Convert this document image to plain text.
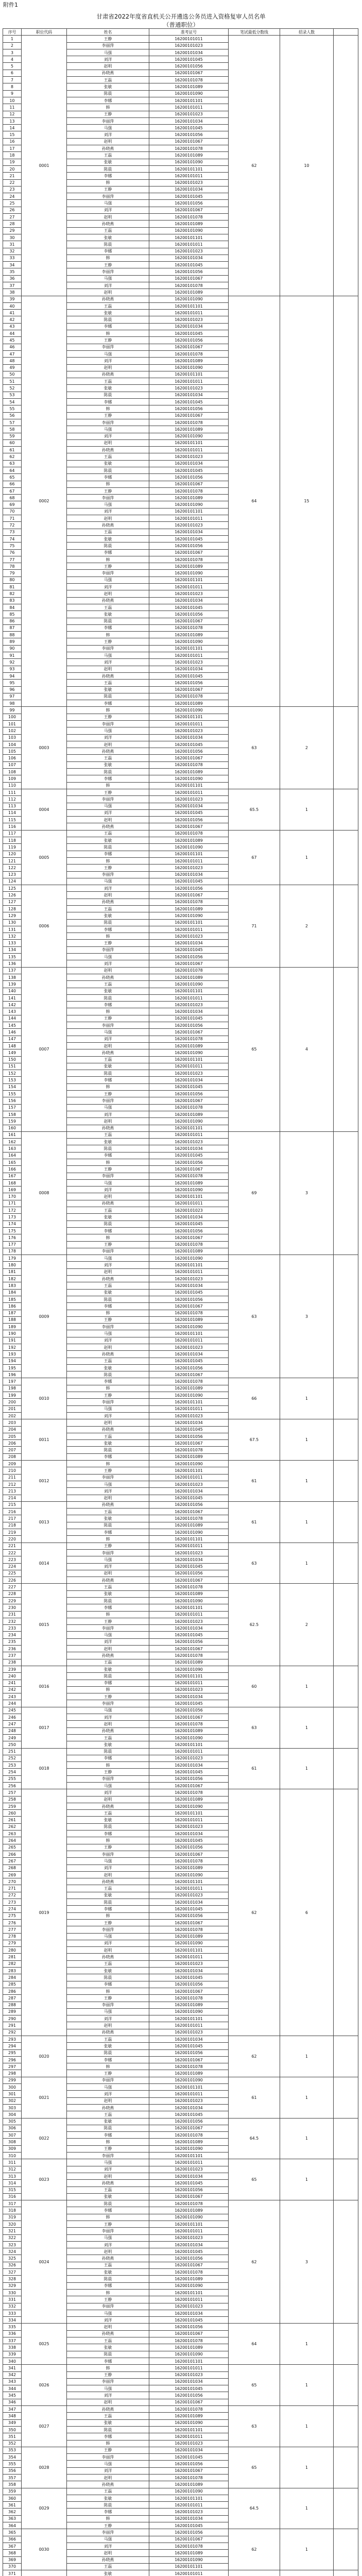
附件1
甘肃省2022年度省直机关公开遴选公务员进入资格复审人员名单
（普通职位）
序号	职位代码	姓名	准考证号	笔试最低分数线	招录人数	
1	0001	王静	16200101011	62	10	
2		李丽萍	16200101023			
3		马强	16200101034			
4		刘洋	16200101045			
5		赵明	16200101056			
6		孙晓燕	16200101067			
7		王磊	16200101078			
8		张敏	16200101089			
9		陈晨	16200101090			
10		李娜	16200101101			
11		韩	16200101011			
12		王静	16200101023			
13		李丽萍	16200101034			
14		马强	16200101045			
15		刘洋	16200101056			
16		赵明	16200101067			
17		孙晓燕	16200101078			
18		王磊	16200101089			
19		张敏	16200101090			
20		陈晨	16200101101			
21		李娜	16200101011			
22		韩	16200101023			
23		王静	16200101034			
24		李丽萍	16200101045			
25		马强	16200101056			
26		刘洋	16200101067			
27		赵明	16200101078			
28		孙晓燕	16200101089			
29		王磊	16200101090			
30		张敏	16200101101			
31		陈晨	16200101011			
32		李娜	16200101023			
33		韩	16200101034			
34		王静	16200101045			
35		李丽萍	16200101056			
36		马强	16200101067			
37		刘洋	16200101078			
38		赵明	16200101089			
39	0002	孙晓燕	16200101090	64	15	
40		王磊	16200101101			
41		张敏	16200101011			
42		陈晨	16200101023			
43		李娜	16200101034			
44		韩	16200101045			
45		王静	16200101056			
46		李丽萍	16200101067			
47		马强	16200101078			
48		刘洋	16200101089			
49		赵明	16200101090			
50		孙晓燕	16200101101			
51		王磊	16200101011			
52		张敏	16200101023			
53		陈晨	16200101034			
54		李娜	16200101045			
55		韩	16200101056			
56		王静	16200101067			
57		李丽萍	16200101078			
58		马强	16200101089			
59		刘洋	16200101090			
60		赵明	16200101101			
61		孙晓燕	16200101011			
62		王磊	16200101023			
63		张敏	16200101034			
64		陈晨	16200101045			
65		李娜	16200101056			
66		韩	16200101067			
67		王静	16200101078			
68		李丽萍	16200101089			
69		马强	16200101090			
70		刘洋	16200101101			
71		赵明	16200101011			
72		孙晓燕	16200101023			
73		王磊	16200101034			
74		张敏	16200101045			
75		陈晨	16200101056			
76		李娜	16200101067			
77		韩	16200101078			
78		王静	16200101089			
79		李丽萍	16200101090			
80		马强	16200101101			
81		刘洋	16200101011			
82		赵明	16200101023			
83		孙晓燕	16200101034			
84		王磊	16200101045			
85		张敏	16200101056			
86		陈晨	16200101067			
87		李娜	16200101078			
88		韩	16200101089			
89		王静	16200101090			
90		李丽萍	16200101101			
91		马强	16200101011			
92		刘洋	16200101023			
93		赵明	16200101034			
94		孙晓燕	16200101045			
95		王磊	16200101056			
96		张敏	16200101067			
97		陈晨	16200101078			
98		李娜	16200101089			
99	0003	韩	16200101090	63	2	
100		王静	16200101101			
101		李丽萍	16200101011			
102		马强	16200101023			
103		刘洋	16200101034			
104		赵明	16200101045			
105		孙晓燕	16200101056			
106		王磊	16200101067			
107		张敏	16200101078			
108		陈晨	16200101089			
109		李娜	16200101090			
110		韩	16200101101			
111	0004	王静	16200101011	65.5	1	
112		李丽萍	16200101023			
113		马强	16200101034			
114		刘洋	16200101045			
115		赵明	16200101056			
116		孙晓燕	16200101067			
117	0005	王磊	16200101078	67	1	
118		张敏	16200101089			
119		陈晨	16200101090			
120		李娜	16200101101			
121		韩	16200101011			
122		王静	16200101023			
123		李丽萍	16200101034			
124		马强	16200101045			
125	0006	刘洋	16200101056	71	2	
126		赵明	16200101067			
127		孙晓燕	16200101078			
128		王磊	16200101089			
129		张敏	16200101090			
130		陈晨	16200101101			
131		李娜	16200101011			
132		韩	16200101023			
133		王静	16200101034			
134		李丽萍	16200101045			
135		马强	16200101056			
136		刘洋	16200101067			
137	0007	赵明	16200101078	65	4	
138		孙晓燕	16200101089			
139		王磊	16200101090			
140		张敏	16200101101			
141		陈晨	16200101011			
142		李娜	16200101023			
143		韩	16200101034			
144		王静	16200101045			
145		李丽萍	16200101056			
146		马强	16200101067			
147		刘洋	16200101078			
148		赵明	16200101089			
149		孙晓燕	16200101090			
150		王磊	16200101101			
151		张敏	16200101011			
152		陈晨	16200101023			
153		李娜	16200101034			
154		韩	16200101045			
155		王静	16200101056			
156		李丽萍	16200101067			
157		马强	16200101078			
158		刘洋	16200101089			
159		赵明	16200101090			
160		孙晓燕	16200101101			
161	0008	王磊	16200101011	69	3	
162		张敏	16200101023			
163		陈晨	16200101034			
164		李娜	16200101045			
165		韩	16200101056			
166		王静	16200101067			
167		李丽萍	16200101078			
168		马强	16200101089			
169		刘洋	16200101090			
170		赵明	16200101101			
171		孙晓燕	16200101011			
172		王磊	16200101023			
173		张敏	16200101034			
174		陈晨	16200101045			
175		李娜	16200101056			
176		韩	16200101067			
177		王静	16200101078			
178		李丽萍	16200101089			
179	0009	马强	16200101090	63	3	
180		刘洋	16200101101			
181		赵明	16200101011			
182		孙晓燕	16200101023			
183		王磊	16200101034			
184		张敏	16200101045			
185		陈晨	16200101056			
186		李娜	16200101067			
187		韩	16200101078			
188		王静	16200101089			
189		李丽萍	16200101090			
190		马强	16200101101			
191		刘洋	16200101011			
192		赵明	16200101023			
193		孙晓燕	16200101034			
194		王磊	16200101045			
195		张敏	16200101056			
196		陈晨	16200101067			
197	0010	李娜	16200101078	66	1	
198		韩	16200101089			
199		王静	16200101090			
200		李丽萍	16200101101			
201		马强	16200101011			
202		刘洋	16200101023			
203	0011	赵明	16200101034	67.5	1	
204		孙晓燕	16200101045			
205		王磊	16200101056			
206		张敏	16200101067			
207		陈晨	16200101078			
208		李娜	16200101089			
209	0012	韩	16200101090	61	1	
210		王静	16200101101			
211		李丽萍	16200101011			
212		马强	16200101023			
213		刘洋	16200101034			
214		赵明	16200101045			
215	0013	孙晓燕	16200101056	61	1	
216		王磊	16200101067			
217		张敏	16200101078			
218		陈晨	16200101089			
219		李娜	16200101090			
220		韩	16200101101			
221	0014	王静	16200101011	63	1	
222		李丽萍	16200101023			
223		马强	16200101034			
224		刘洋	16200101045			
225		赵明	16200101056			
226		孙晓燕	16200101067			
227	0015	王磊	16200101078	62.5	2	
228		张敏	16200101089			
229		陈晨	16200101090			
230		李娜	16200101101			
231		韩	16200101011			
232		王静	16200101023			
233		李丽萍	16200101034			
234		马强	16200101045			
235		刘洋	16200101056			
236		赵明	16200101067			
237		孙晓燕	16200101078			
238		王磊	16200101089			
239	0016	张敏	16200101090	60	1	
240		陈晨	16200101101			
241		李娜	16200101011			
242		韩	16200101023			
243		王静	16200101034			
244		李丽萍	16200101045			
245	0017	马强	16200101056	63	1	
246		刘洋	16200101067			
247		赵明	16200101078			
248		孙晓燕	16200101089			
249		王磊	16200101090			
250		张敏	16200101101			
251	0018	陈晨	16200101011	61	1	
252		李娜	16200101023			
253		韩	16200101034			
254		王静	16200101045			
255		李丽萍	16200101056			
256		马强	16200101067			
257	0019	刘洋	16200101078	62	6	
258		赵明	16200101089			
259		孙晓燕	16200101090			
260		王磊	16200101101			
261		张敏	16200101011			
262		陈晨	16200101023			
263		李娜	16200101034			
264		韩	16200101045			
265		王静	16200101056			
266		李丽萍	16200101067			
267		马强	16200101078			
268		刘洋	16200101089			
269		赵明	16200101090			
270		孙晓燕	16200101101			
271		王磊	16200101011			
272		张敏	16200101023			
273		陈晨	16200101034			
274		李娜	16200101045			
275		韩	16200101056			
276		王静	16200101067			
277		李丽萍	16200101078			
278		马强	16200101089			
279		刘洋	16200101090			
280		赵明	16200101101			
281		孙晓燕	16200101011			
282		王磊	16200101023			
283		张敏	16200101034			
284		陈晨	16200101045			
285		李娜	16200101056			
286		韩	16200101067			
287		王静	16200101078			
288		李丽萍	16200101089			
289		马强	16200101090			
290		刘洋	16200101101			
291		赵明	16200101011			
292		孙晓燕	16200101023			
293	0020	王磊	16200101034	62	1	
294		张敏	16200101045			
295		陈晨	16200101056			
296		李娜	16200101067			
297		韩	16200101078			
298		王静	16200101089			
299	0021	李丽萍	16200101090	61	1	
300		马强	16200101101			
301		刘洋	16200101011			
302		赵明	16200101023			
303		孙晓燕	16200101034			
304		王磊	16200101045			
305	0022	张敏	16200101056	64.5	1	
306		陈晨	16200101067			
307		李娜	16200101078			
308		韩	16200101089			
309		王静	16200101090			
310		李丽萍	16200101101			
311	0023	马强	16200101011	65	1	
312		刘洋	16200101023			
313		赵明	16200101034			
314		孙晓燕	16200101045			
315		王磊	16200101056			
316		张敏	16200101067			
317	0024	陈晨	16200101078	62	3	
318		李娜	16200101089			
319		韩	16200101090			
320		王静	16200101101			
321		李丽萍	16200101011			
322		马强	16200101023			
323		刘洋	16200101034			
324		赵明	16200101045			
325		孙晓燕	16200101056			
326		王磊	16200101067			
327		张敏	16200101078			
328		陈晨	16200101089			
329		李娜	16200101090			
330		韩	16200101101			
331		王静	16200101011			
332		李丽萍	16200101023			
333		马强	16200101034			
334		刘洋	16200101045			
335	0025	赵明	16200101056	64	1	
336		孙晓燕	16200101067			
337		王磊	16200101078			
338		张敏	16200101089			
339		陈晨	16200101090			
340		李娜	16200101101			
341	0026	韩	16200101011	65	1	
342		王静	16200101023			
343		李丽萍	16200101034			
344		马强	16200101045			
345		刘洋	16200101056			
346		赵明	16200101067			
347	0027	孙晓燕	16200101078	63	1	
348		王磊	16200101089			
349		张敏	16200101090			
350		陈晨	16200101101			
351		李娜	16200101011			
352		韩	16200101023			
353	0028	王静	16200101034	65	1	
354		李丽萍	16200101045			
355		马强	16200101056			
356		刘洋	16200101067			
357		赵明	16200101078			
358		孙晓燕	16200101089			
359	0029	王磊	16200101090	64.5	1	
360		张敏	16200101101			
361		陈晨	16200101011			
362		李娜	16200101023			
363		韩	16200101034			
364		王静	16200101045			
365	0030	李丽萍	16200101056	62	1	
366		马强	16200101067			
367		刘洋	16200101078			
368		赵明	16200101089			
369		孙晓燕	16200101090			
370		王磊	16200101101			
371		张敏	16200101011			
